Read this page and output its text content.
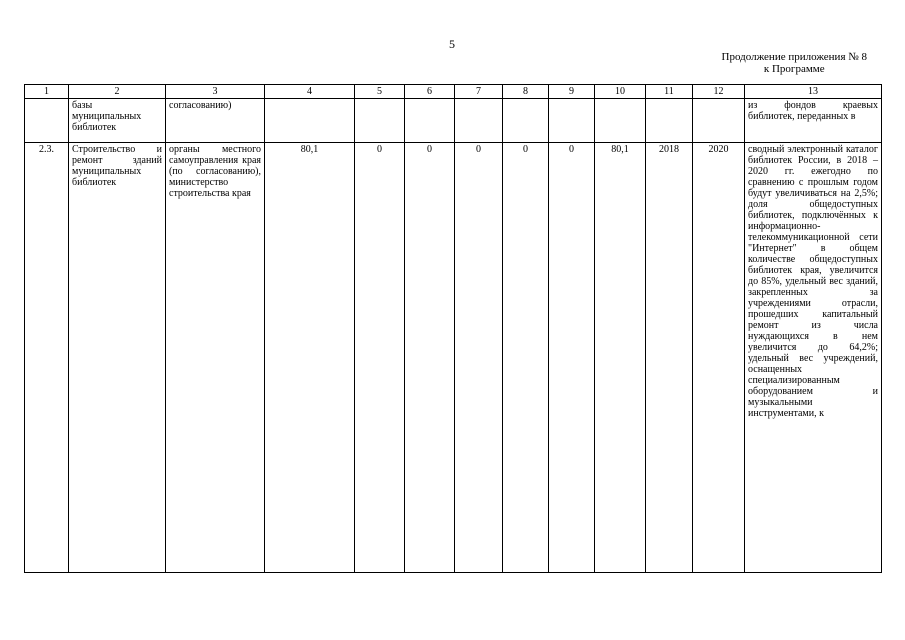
5
Продолжение приложения № 8
к Программе
1	2	3	4	5	6	7	8	9	10	11	12	13
	базы муниципальных библиотек	согласованию)										из фондов краевых библиотек, переданных в
2.3.	Строительство и ремонт зданий муниципальных библиотек	органы местного самоуправления края (по согласованию), министерство строительства края	80,1	0	0	0	0	0	80,1	2018	2020	сводный электронный каталог библиотек России, в 2018 – 2020 гг. ежегодно по сравнению с прошлым годом будут увеличиваться на 2,5%; доля общедоступных библиотек, подключённых к информационно-телекоммуникационной сети "Интернет" в общем количестве общедоступных библиотек края, увеличится до 85%, удельный вес зданий, закрепленных за учреждениями отрасли, прошедших капитальный ремонт из числа нуждающихся в нем увеличится до 64,2%; удельный вес учреждений, оснащенных специализированным оборудованием и музыкальными инструментами, к
